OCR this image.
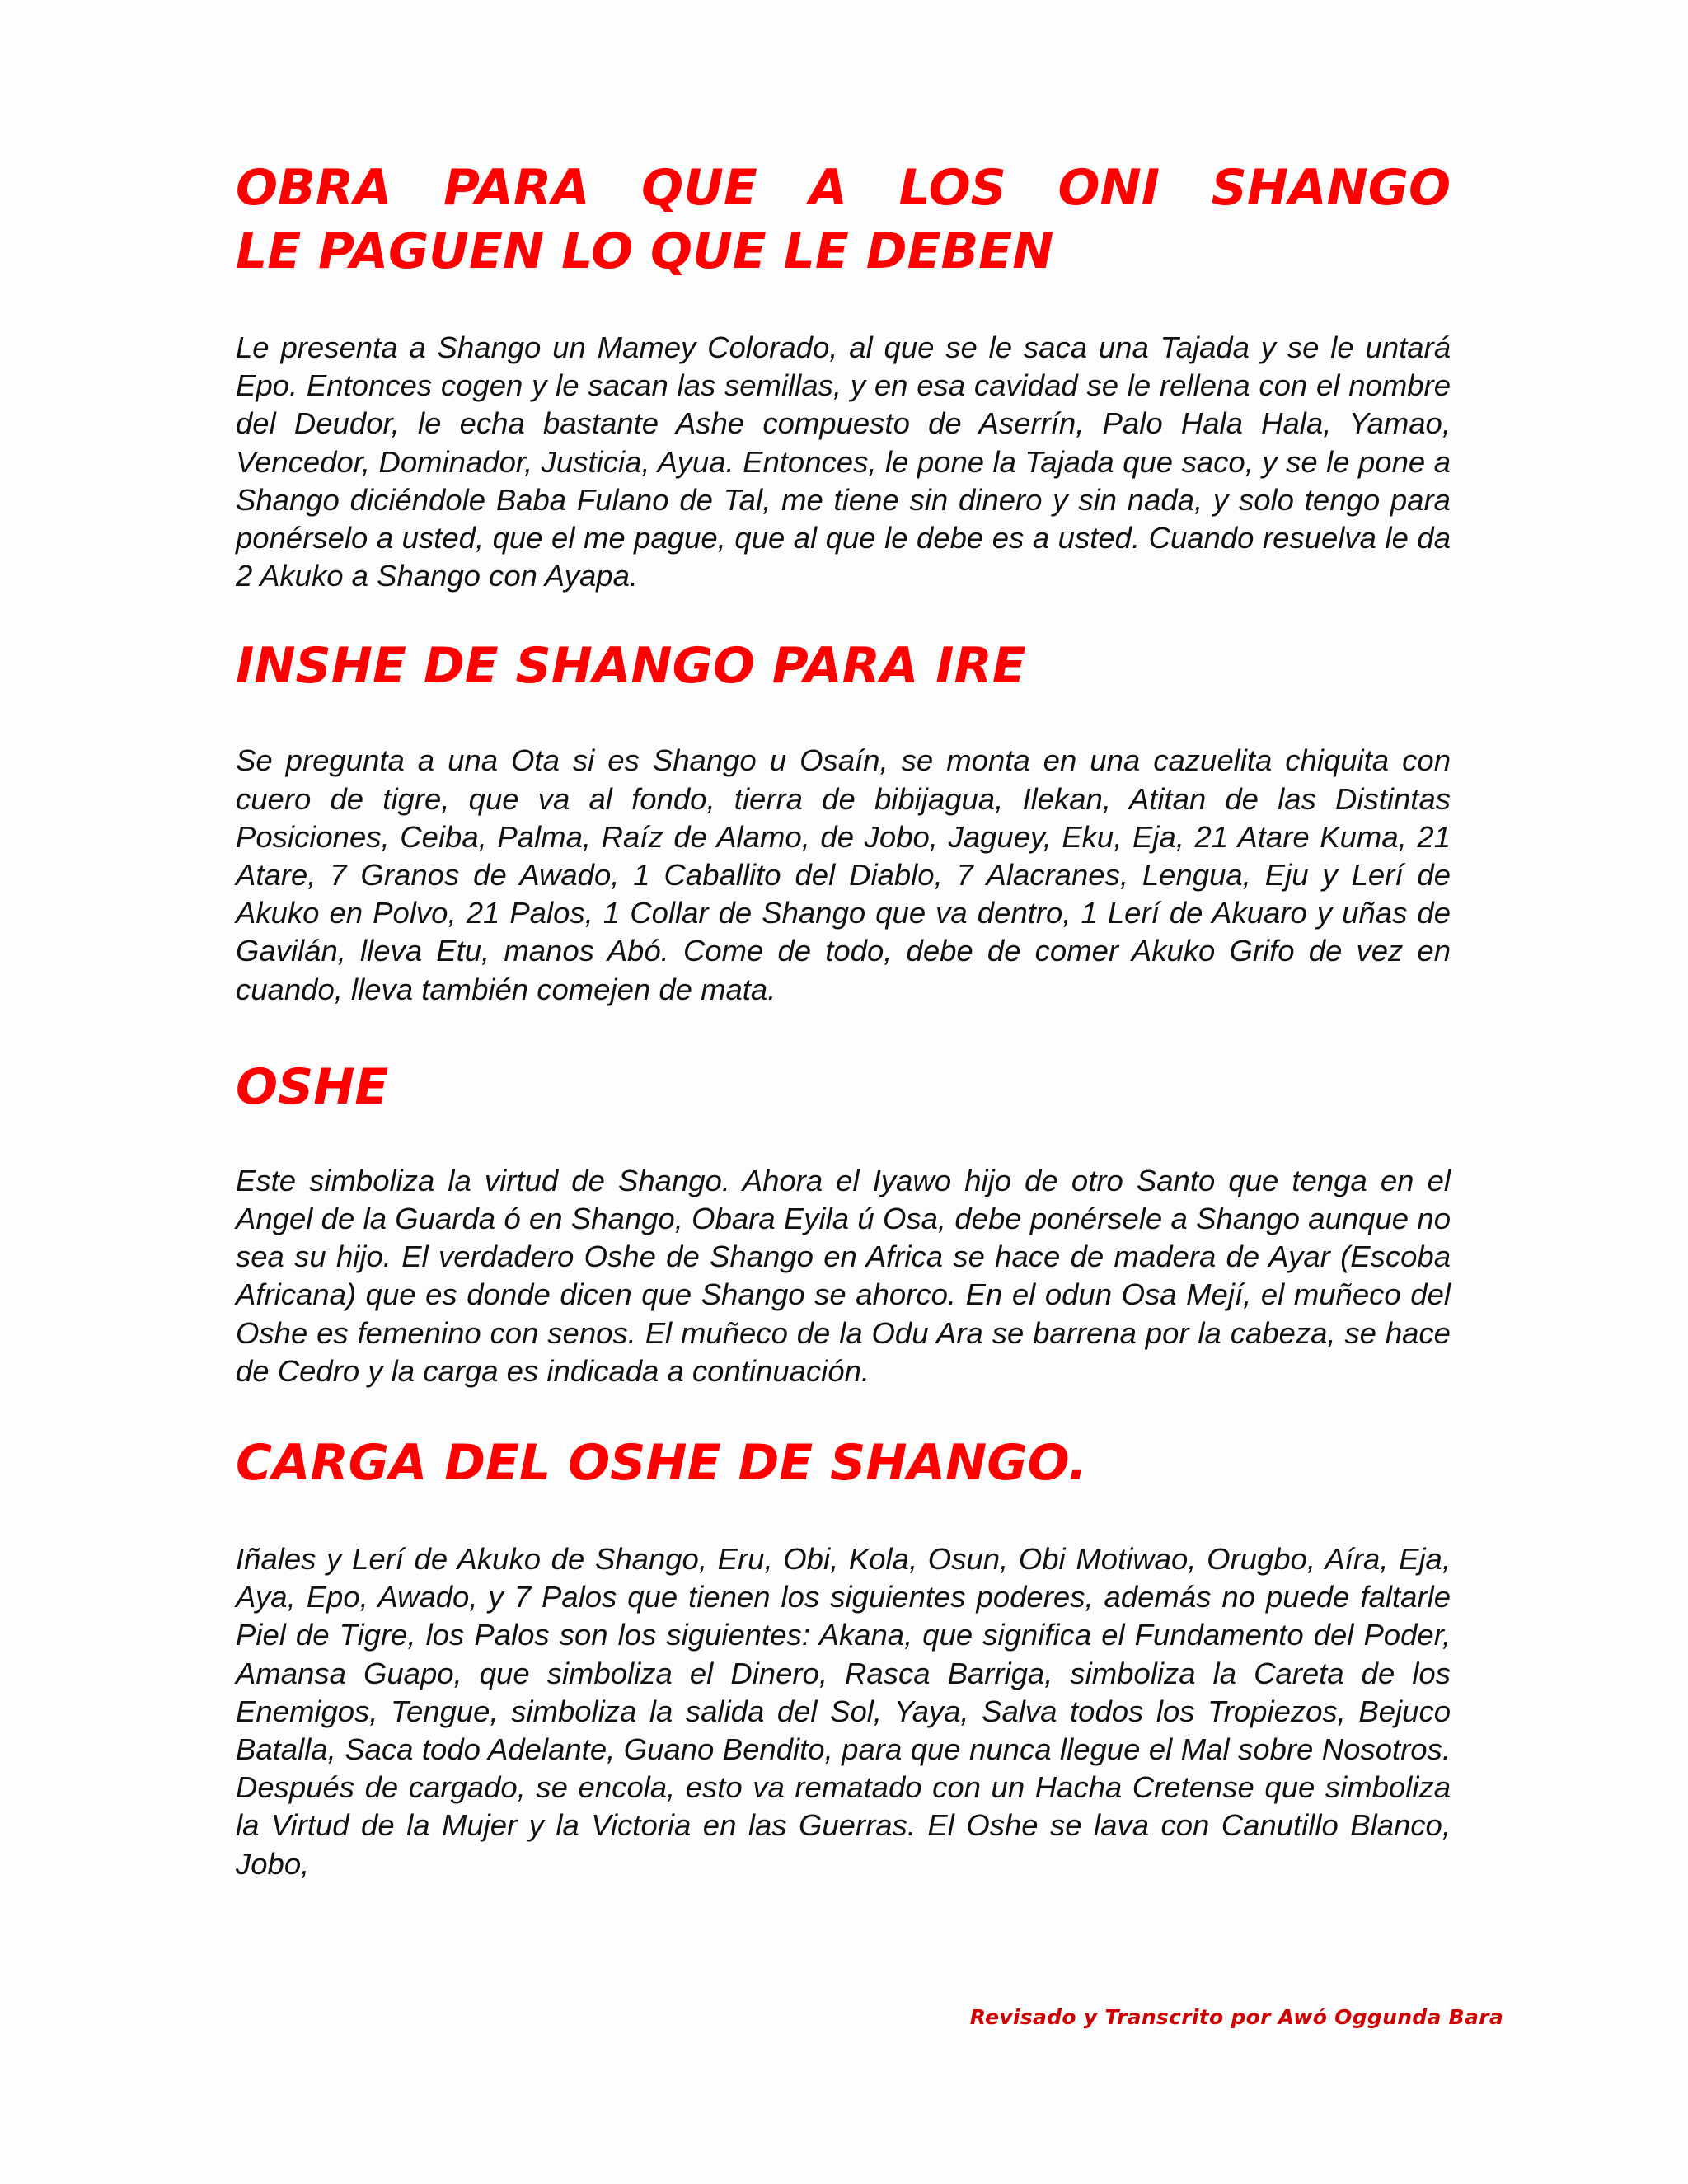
OBRA PARA QUE A LOS ONI SHANGO
LE PAGUEN LO QUE LE DEBEN

Le presenta a Shango un Mamey Colorado, al que se le saca una Tajada y se le untará Epo. Entonces cogen y le sacan las semillas, y en esa cavidad se le rellena con el nombre del Deudor, le echa bastante Ashe compuesto de Aserrín, Palo Hala Hala, Yamao, Vencedor, Dominador, Justicia, Ayua. Entonces, le pone la Tajada que saco, y se le pone a Shango diciéndole Baba Fulano de Tal, me tiene sin dinero y sin nada, y solo tengo para ponérselo a usted, que el me pague, que al que le debe es a usted. Cuando resuelva le da 2 Akuko a Shango con Ayapa.

INSHE DE SHANGO PARA IRE

Se pregunta a una Ota si es Shango u Osaín, se monta en una cazuelita chiquita con cuero de tigre, que va al fondo, tierra de bibijagua, Ilekan, Atitan de las Distintas Posiciones, Ceiba, Palma, Raíz de Alamo, de Jobo, Jaguey, Eku, Eja, 21 Atare Kuma, 21 Atare, 7 Granos de Awado, 1 Caballito del Diablo, 7 Alacranes, Lengua, Eju y Lerí de Akuko en Polvo, 21 Palos, 1 Collar de Shango que va dentro, 1 Lerí de Akuaro y uñas de Gavilán, lleva Etu, manos Abó. Come de todo, debe de comer Akuko Grifo de vez en cuando, lleva también comejen de mata.

OSHE

Este simboliza la virtud de Shango. Ahora el Iyawo hijo de otro Santo que tenga en el Angel de la Guarda ó en Shango, Obara Eyila ú Osa, debe ponérsele a Shango aunque no sea su hijo. El verdadero Oshe de Shango en Africa se hace de madera de Ayar (Escoba Africana) que es donde dicen que Shango se ahorco. En el odun Osa Mejí, el muñeco del Oshe es femenino con senos. El muñeco de la Odu Ara se barrena por la cabeza, se hace de Cedro y la carga es indicada a continuación.

CARGA DEL OSHE DE SHANGO.

Iñales y Lerí de Akuko de Shango, Eru, Obi, Kola, Osun, Obi Motiwao, Orugbo, Aíra, Eja, Aya, Epo, Awado, y 7 Palos que tienen los siguientes poderes, además no puede faltarle Piel de Tigre, los Palos son los siguientes: Akana, que significa el Fundamento del Poder, Amansa Guapo, que simboliza el Dinero, Rasca Barriga, simboliza la Careta de los Enemigos, Tengue, simboliza la salida del Sol, Yaya, Salva todos los Tropiezos, Bejuco Batalla, Saca todo Adelante, Guano Bendito, para que nunca llegue el Mal sobre Nosotros. Después de cargado, se encola, esto va rematado con un Hacha Cretense que simboliza la Virtud de la Mujer y la Victoria en las Guerras. El Oshe se lava con Canutillo Blanco, Jobo,

Revisado y Transcrito por Awó Oggunda Bara
